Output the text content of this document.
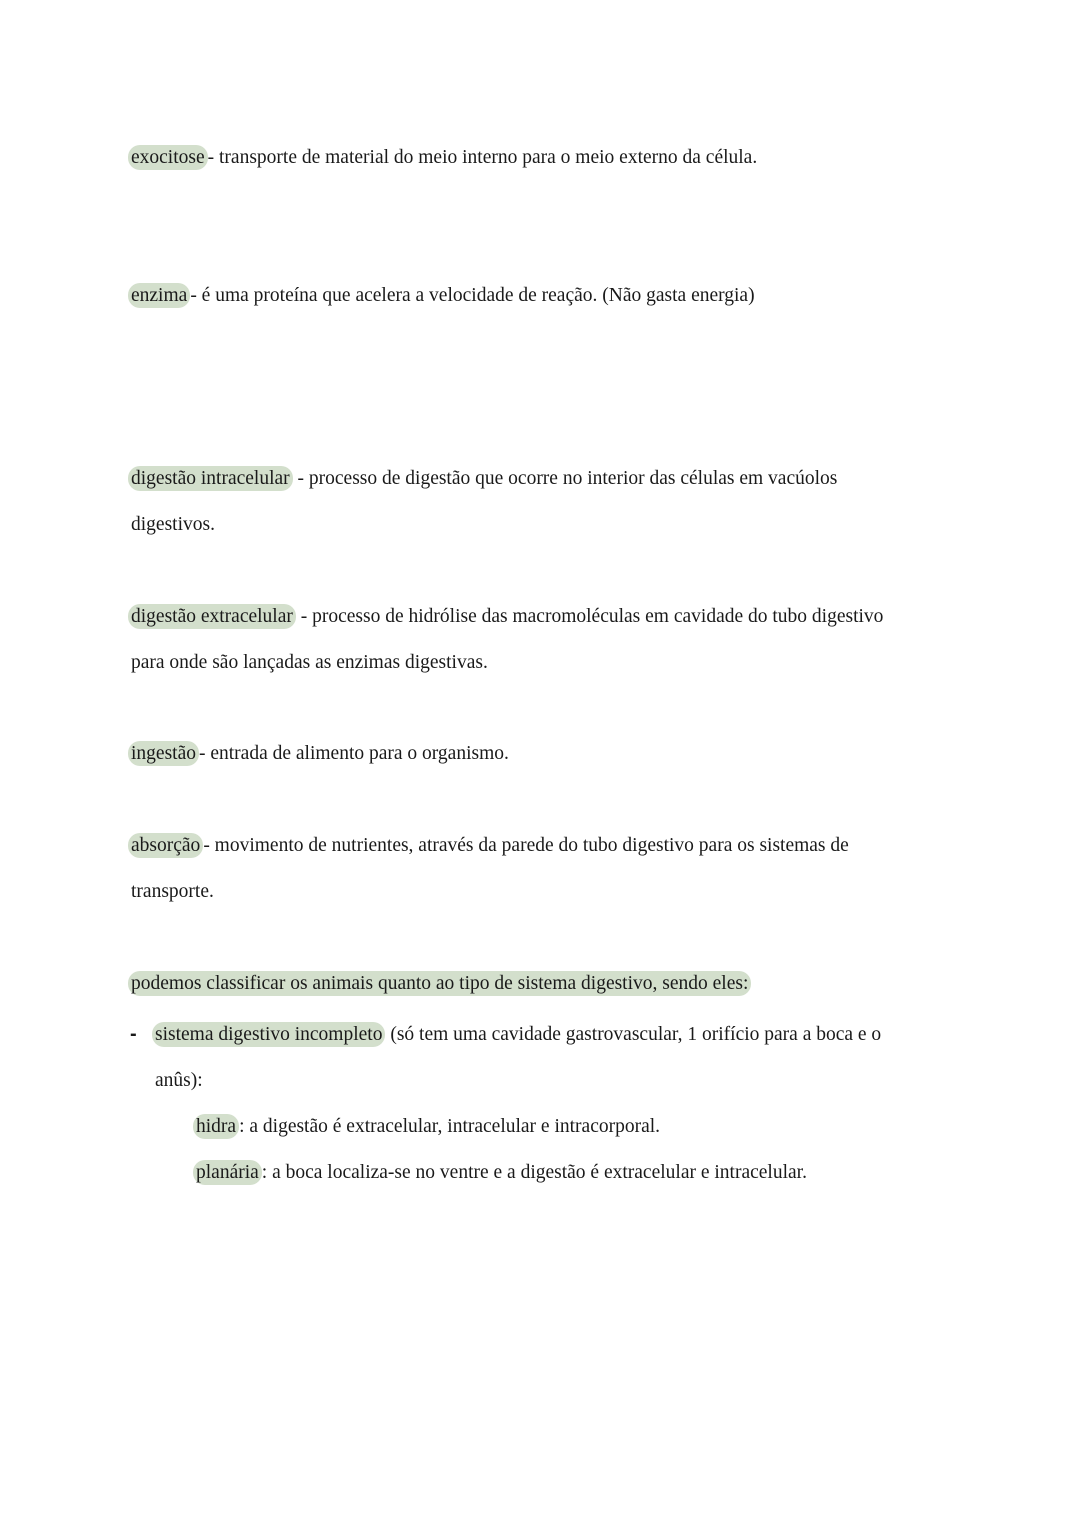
exocitose - transporte de material do meio interno para o meio externo da célula.
enzima - é uma proteína que acelera a velocidade de reação. (Não gasta energia)
digestão intracelular - processo de digestão que ocorre no interior das células em vacúolos
digestivos.
digestão extracelular - processo de hidrólise das macromoléculas em cavidade do tubo digestivo
para onde são lançadas as enzimas digestivas.
ingestão - entrada de alimento para o organismo.
absorção - movimento de nutrientes, através da parede do tubo digestivo para os sistemas de
transporte.
podemos classificar os animais quanto ao tipo de sistema digestivo, sendo eles:
- sistema digestivo incompleto (só tem uma cavidade gastrovascular, 1 orifício para a boca e o
anûs):
hidra : a digestão é extracelular, intracelular e intracorporal.
planária : a boca localiza-se no ventre e a digestão é extracelular e intracelular.
